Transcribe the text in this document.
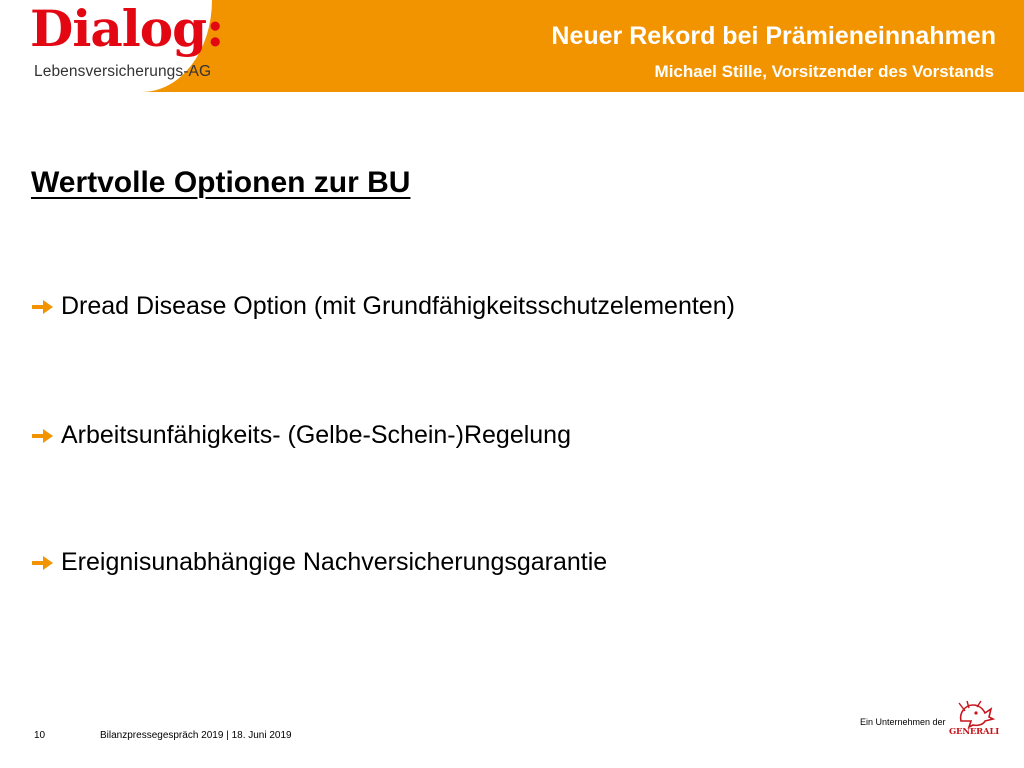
Dialog:
Lebensversicherungs-AG
Neuer Rekord bei Prämieneinnahmen
Michael Stille, Vorsitzender des Vorstands
Wertvolle Optionen zur BU
Dread Disease Option (mit Grundfähigkeitsschutzelementen)
Arbeitsunfähigkeits- (Gelbe-Schein-)Regelung
Ereignisunabhängige Nachversicherungsgarantie
10	Bilanzpressegespräch 2019 | 18. Juni 2019
Ein Unternehmen der
GENERALI
